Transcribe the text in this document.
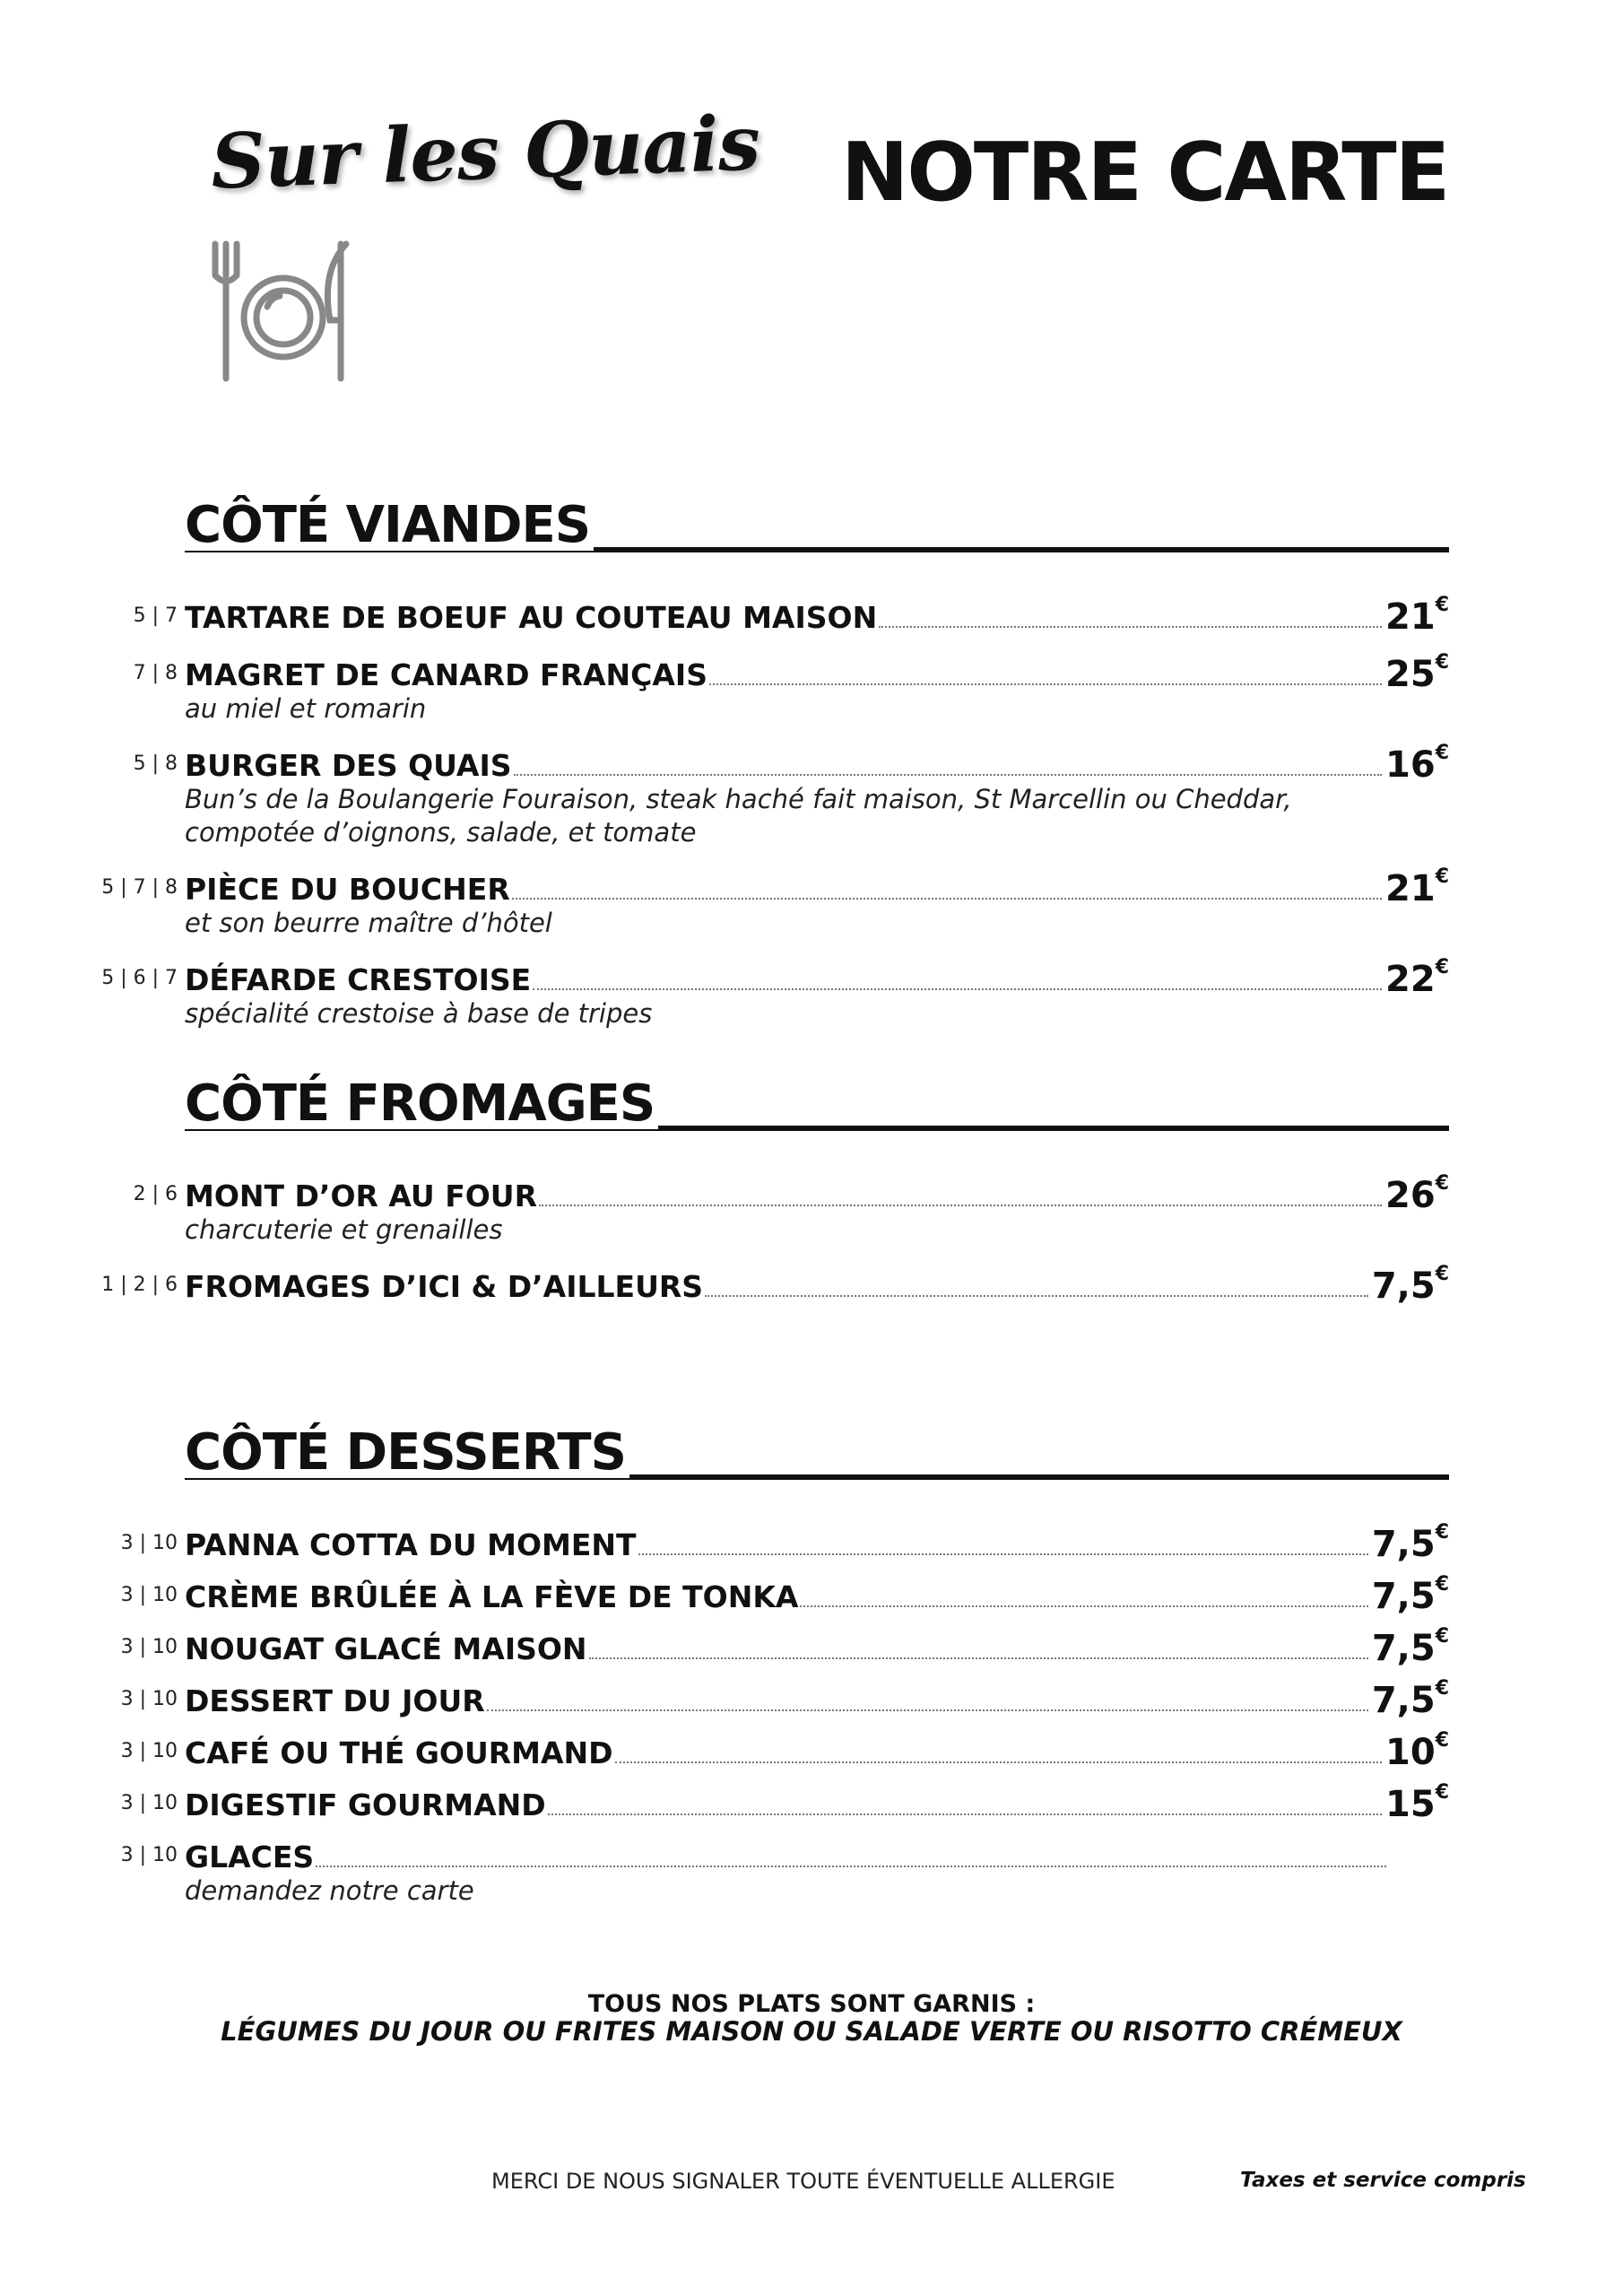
Sur les Quais NOTRE CARTE
CÔTÉ VIANDES
5 | 7 TARTARE DE BOEUF AU COUTEAU MAISON	21€
7 | 8 MAGRET DE CANARD FRANÇAIS	25€
au miel et romarin
5 | 8 BURGER DES QUAIS	16€
Bun’s de la Boulangerie Fouraison, steak haché fait maison, St Marcellin ou Cheddar,
compotée d’oignons, salade, et tomate
5 | 7 | 8 PIÈCE DU BOUCHER	21€
et son beurre maître d’hôtel
5 | 6 | 7 DÉFARDE CRESTOISE	22€
spécialité crestoise à base de tripes
CÔTÉ FROMAGES
2 | 6 MONT D’OR AU FOUR	26€
charcuterie et grenailles
1 | 2 | 6 FROMAGES D’ICI & D’AILLEURS	7,5€
CÔTÉ DESSERTS
3 | 10 PANNA COTTA DU MOMENT	7,5€
3 | 10 CRÈME BRÛLÉE À LA FÈVE DE TONKA	7,5€
3 | 10 NOUGAT GLACÉ MAISON	7,5€
3 | 10 DESSERT DU JOUR	7,5€
3 | 10 CAFÉ OU THÉ GOURMAND	10€
3 | 10 DIGESTIF GOURMAND	15€
3 | 10 GLACES
demandez notre carte
TOUS NOS PLATS SONT GARNIS :
LÉGUMES DU JOUR OU FRITES MAISON OU SALADE VERTE OU RISOTTO CRÉMEUX
MERCI DE NOUS SIGNALER TOUTE ÉVENTUELLE ALLERGIE	Taxes et service compris
